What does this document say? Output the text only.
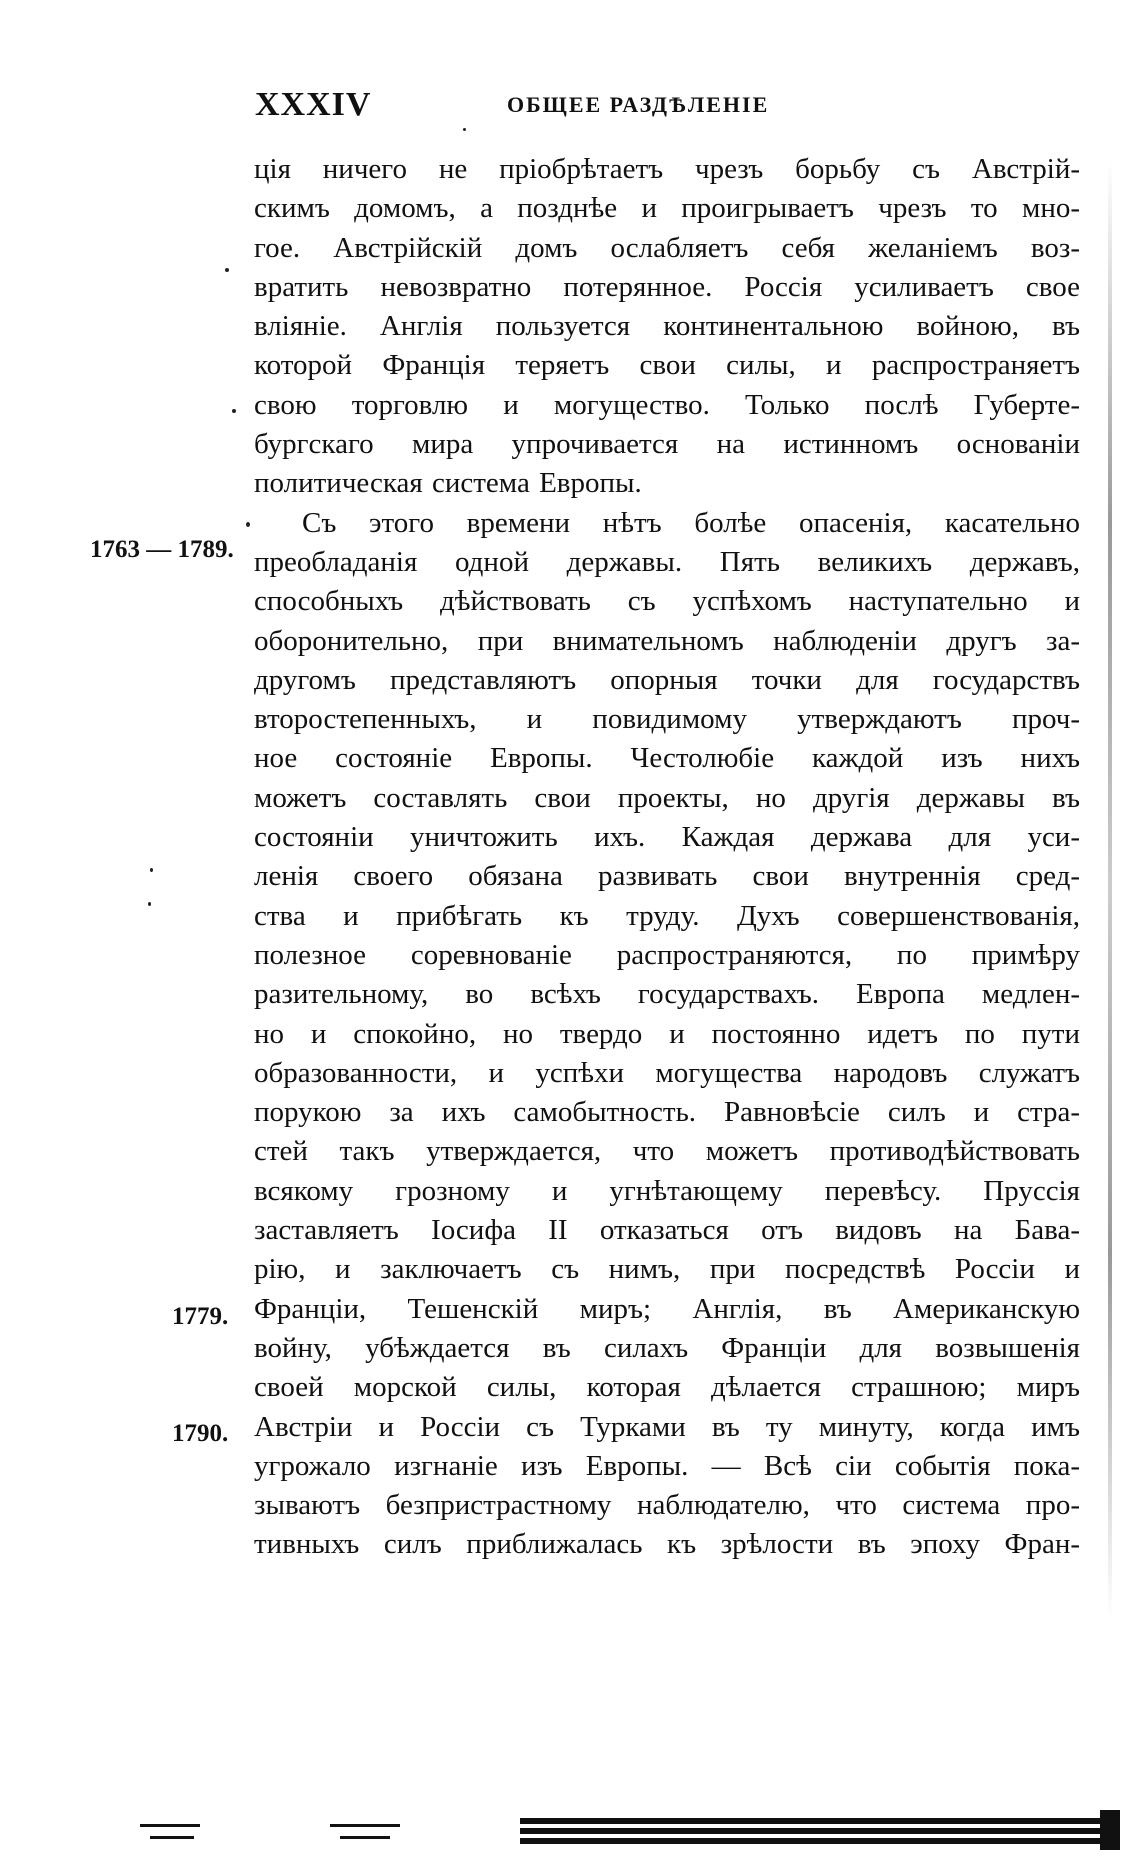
XXXIV	ОБЩЕЕ РАЗДѢЛЕНІЕ
1763 — 1789.
1779.
1790.
ція ничего не пріобрѣтаетъ чрезъ борьбу съ Австрій-
скимъ домомъ, а позднѣе и проигрываетъ чрезъ то мно-
гое. Австрійскій домъ ослабляетъ себя желаніемъ воз-
вратить невозвратно потерянное. Россія усиливаетъ свое
вліяніе. Англія пользуется континентальною войною, въ
которой Франція теряетъ свои силы, и распространяетъ
свою торговлю и могущество. Только послѣ Губерте-
бургскаго мира упрочивается на истинномъ основаніи
политическая система Европы.
Съ этого времени нѣтъ болѣе опасенія, касательно
преобладанія одной державы. Пять великихъ державъ,
способныхъ дѣйствовать съ успѣхомъ наступательно и
оборонительно, при внимательномъ наблюденіи другъ за-
другомъ представляютъ опорныя точки для государствъ
второстепенныхъ, и повидимому утверждаютъ проч-
ное состояніе Европы. Честолюбіе каждой изъ нихъ
можетъ составлять свои проекты, но другія державы въ
состояніи уничтожить ихъ. Каждая держава для уси-
ленія своего обязана развивать свои внутреннія сред-
ства и прибѣгать къ труду. Духъ совершенствованія,
полезное соревнованіе распространяются, по примѣру
разительному, во всѣхъ государствахъ. Европа медлен-
но и спокойно, но твердо и постоянно идетъ по пути
образованности, и успѣхи могущества народовъ служатъ
порукою за ихъ самобытность. Равновѣсіе силъ и стра-
стей такъ утверждается, что можетъ противодѣйствовать
всякому грозному и угнѣтающему перевѣсу. Пруссія
заставляетъ Іосифа II отказаться отъ видовъ на Бава-
рію, и заключаетъ съ нимъ, при посредствѣ Россіи и
Франціи, Тешенскій миръ; Англія, въ Американскую
войну, убѣждается въ силахъ Франціи для возвышенія
своей морской силы, которая дѣлается страшною; миръ
Австріи и Россіи съ Турками въ ту минуту, когда имъ
угрожало изгнаніе изъ Европы. — Всѣ сіи событія пока-
зываютъ безпристрастному наблюдателю, что система про-
тивныхъ силъ приближалась къ зрѣлости въ эпоху Фран-
